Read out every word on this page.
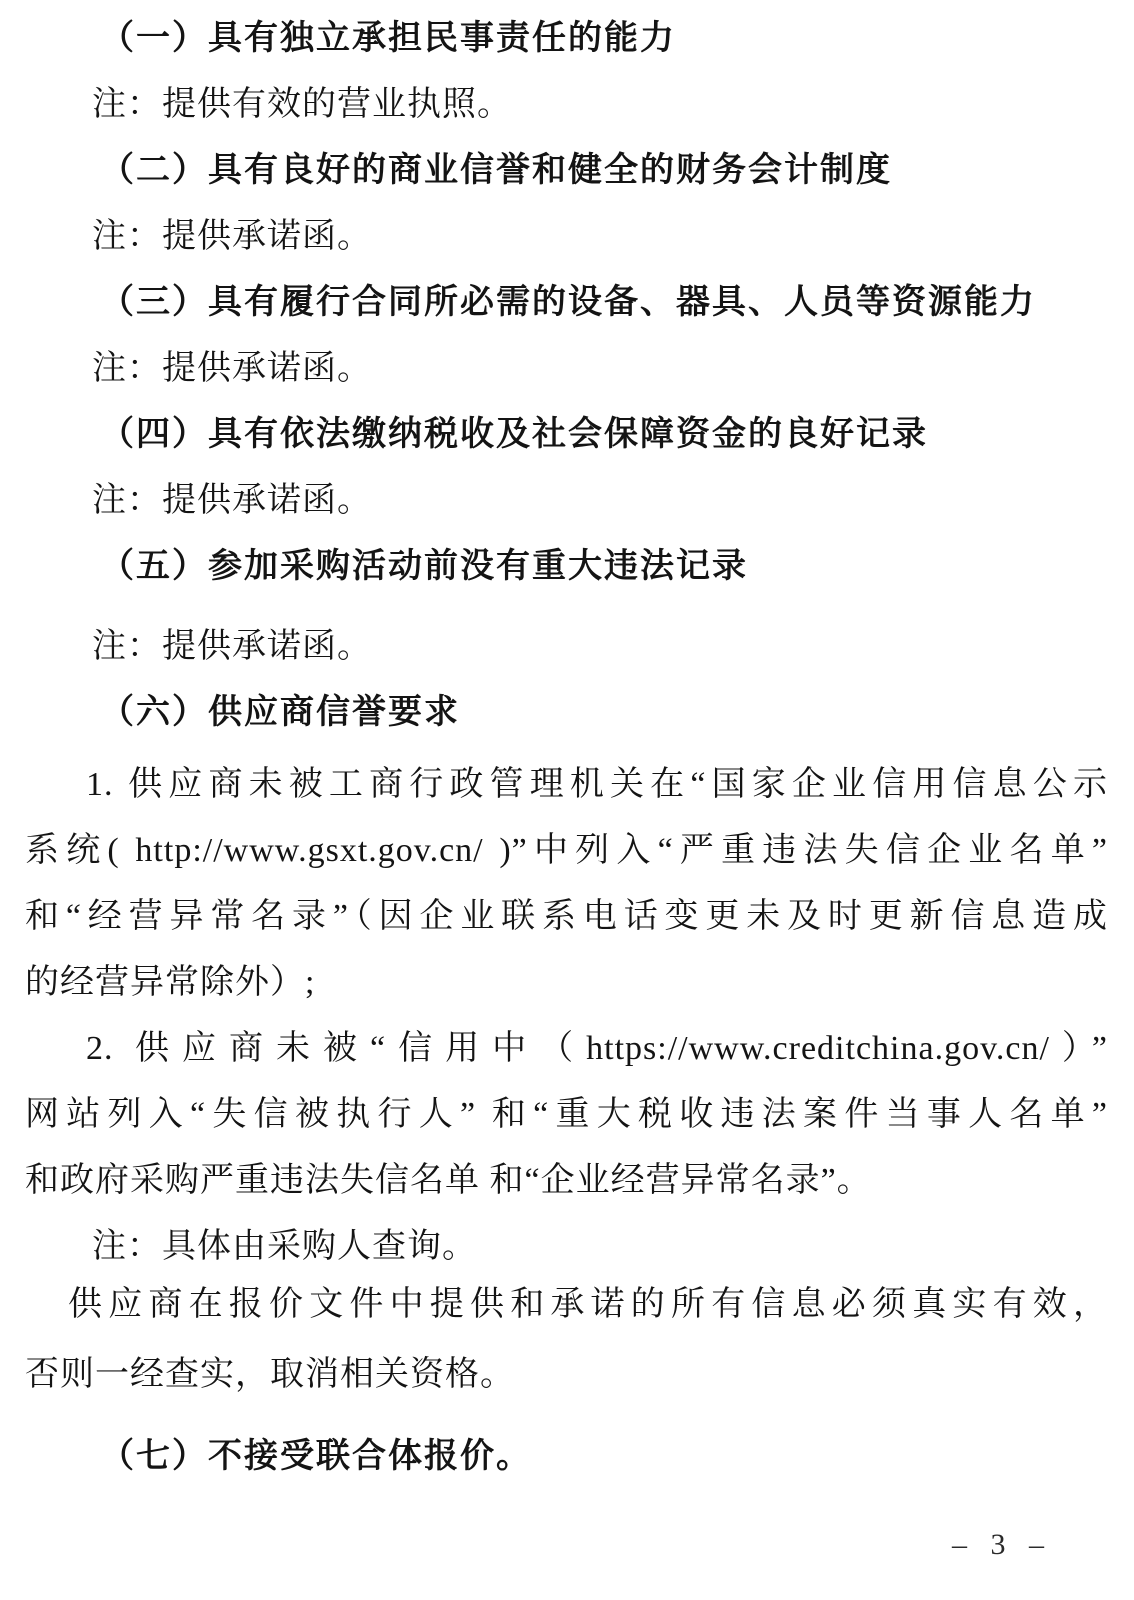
（一）具有独立承担民事责任的能力
注：提供有效的营业执照。
（二）具有良好的商业信誉和健全的财务会计制度
注：提供承诺函。
（三）具有履行合同所必需的设备、器具、人员等资源能力
注：提供承诺函。
（四）具有依法缴纳税收及社会保障资金的良好记录
注：提供承诺函。
（五）参加采购活动前没有重大违法记录
注：提供承诺函。
（六）供应商信誉要求
1. 供应商未被工商行政管理机关在“国家企业信用信息公示
系统( http://www.gsxt.gov.cn/ )”中列入“严重违法失信企业名单”
和“经营异常名录”（因企业联系电话变更未及时更新信息造成
的经营异常除外）;
2. 供应商未被“信用中（https://www.creditchina.gov.cn/）”
网站列入“失信被执行人” 和“重大税收违法案件当事人名单”
和政府采购严重违法失信名单 和“企业经营异常名录”。
注：具体由采购人查询。
供应商在报价文件中提供和承诺的所有信息必须真实有效，
否则一经查实，取消相关资格。
（七）不接受联合体报价。
– 3 –
